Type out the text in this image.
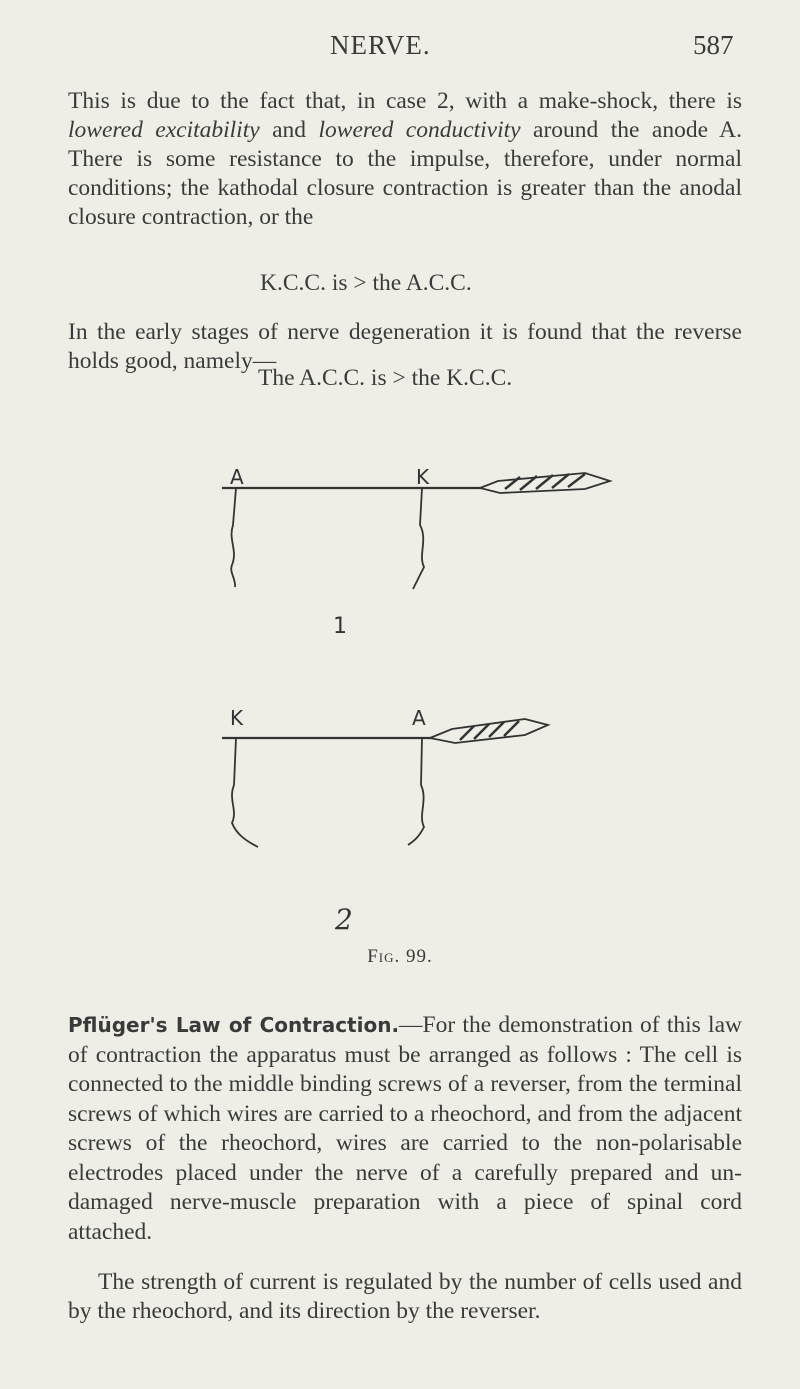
NERVE.	587

This is due to the fact that, in case 2, with a make-shock, there is lowered excitability and lowered conductivity around the anode A. There is some resistance to the impulse, therefore, under normal conditions; the kathodal closure contraction is greater than the anodal closure contraction, or the

K.C.C. is > the A.C.C.

In the early stages of nerve degeneration it is found that the reverse holds good, namely—

The A.C.C. is > the K.C.C.
A	K
1
K	A
2
Fig. 99.

Pflüger's Law of Contraction.—For the demonstration of this law of contraction the apparatus must be arranged as follows : The cell is connected to the middle binding screws of a reverser, from the terminal screws of which wires are carried to a rheochord, and from the adjacent screws of the rheochord, wires are carried to the non-polarisable electrodes placed under the nerve of a carefully prepared and un-damaged nerve-muscle preparation with a piece of spinal cord attached.

The strength of current is regulated by the number of cells used and by the rheochord, and its direction by the reverser.
